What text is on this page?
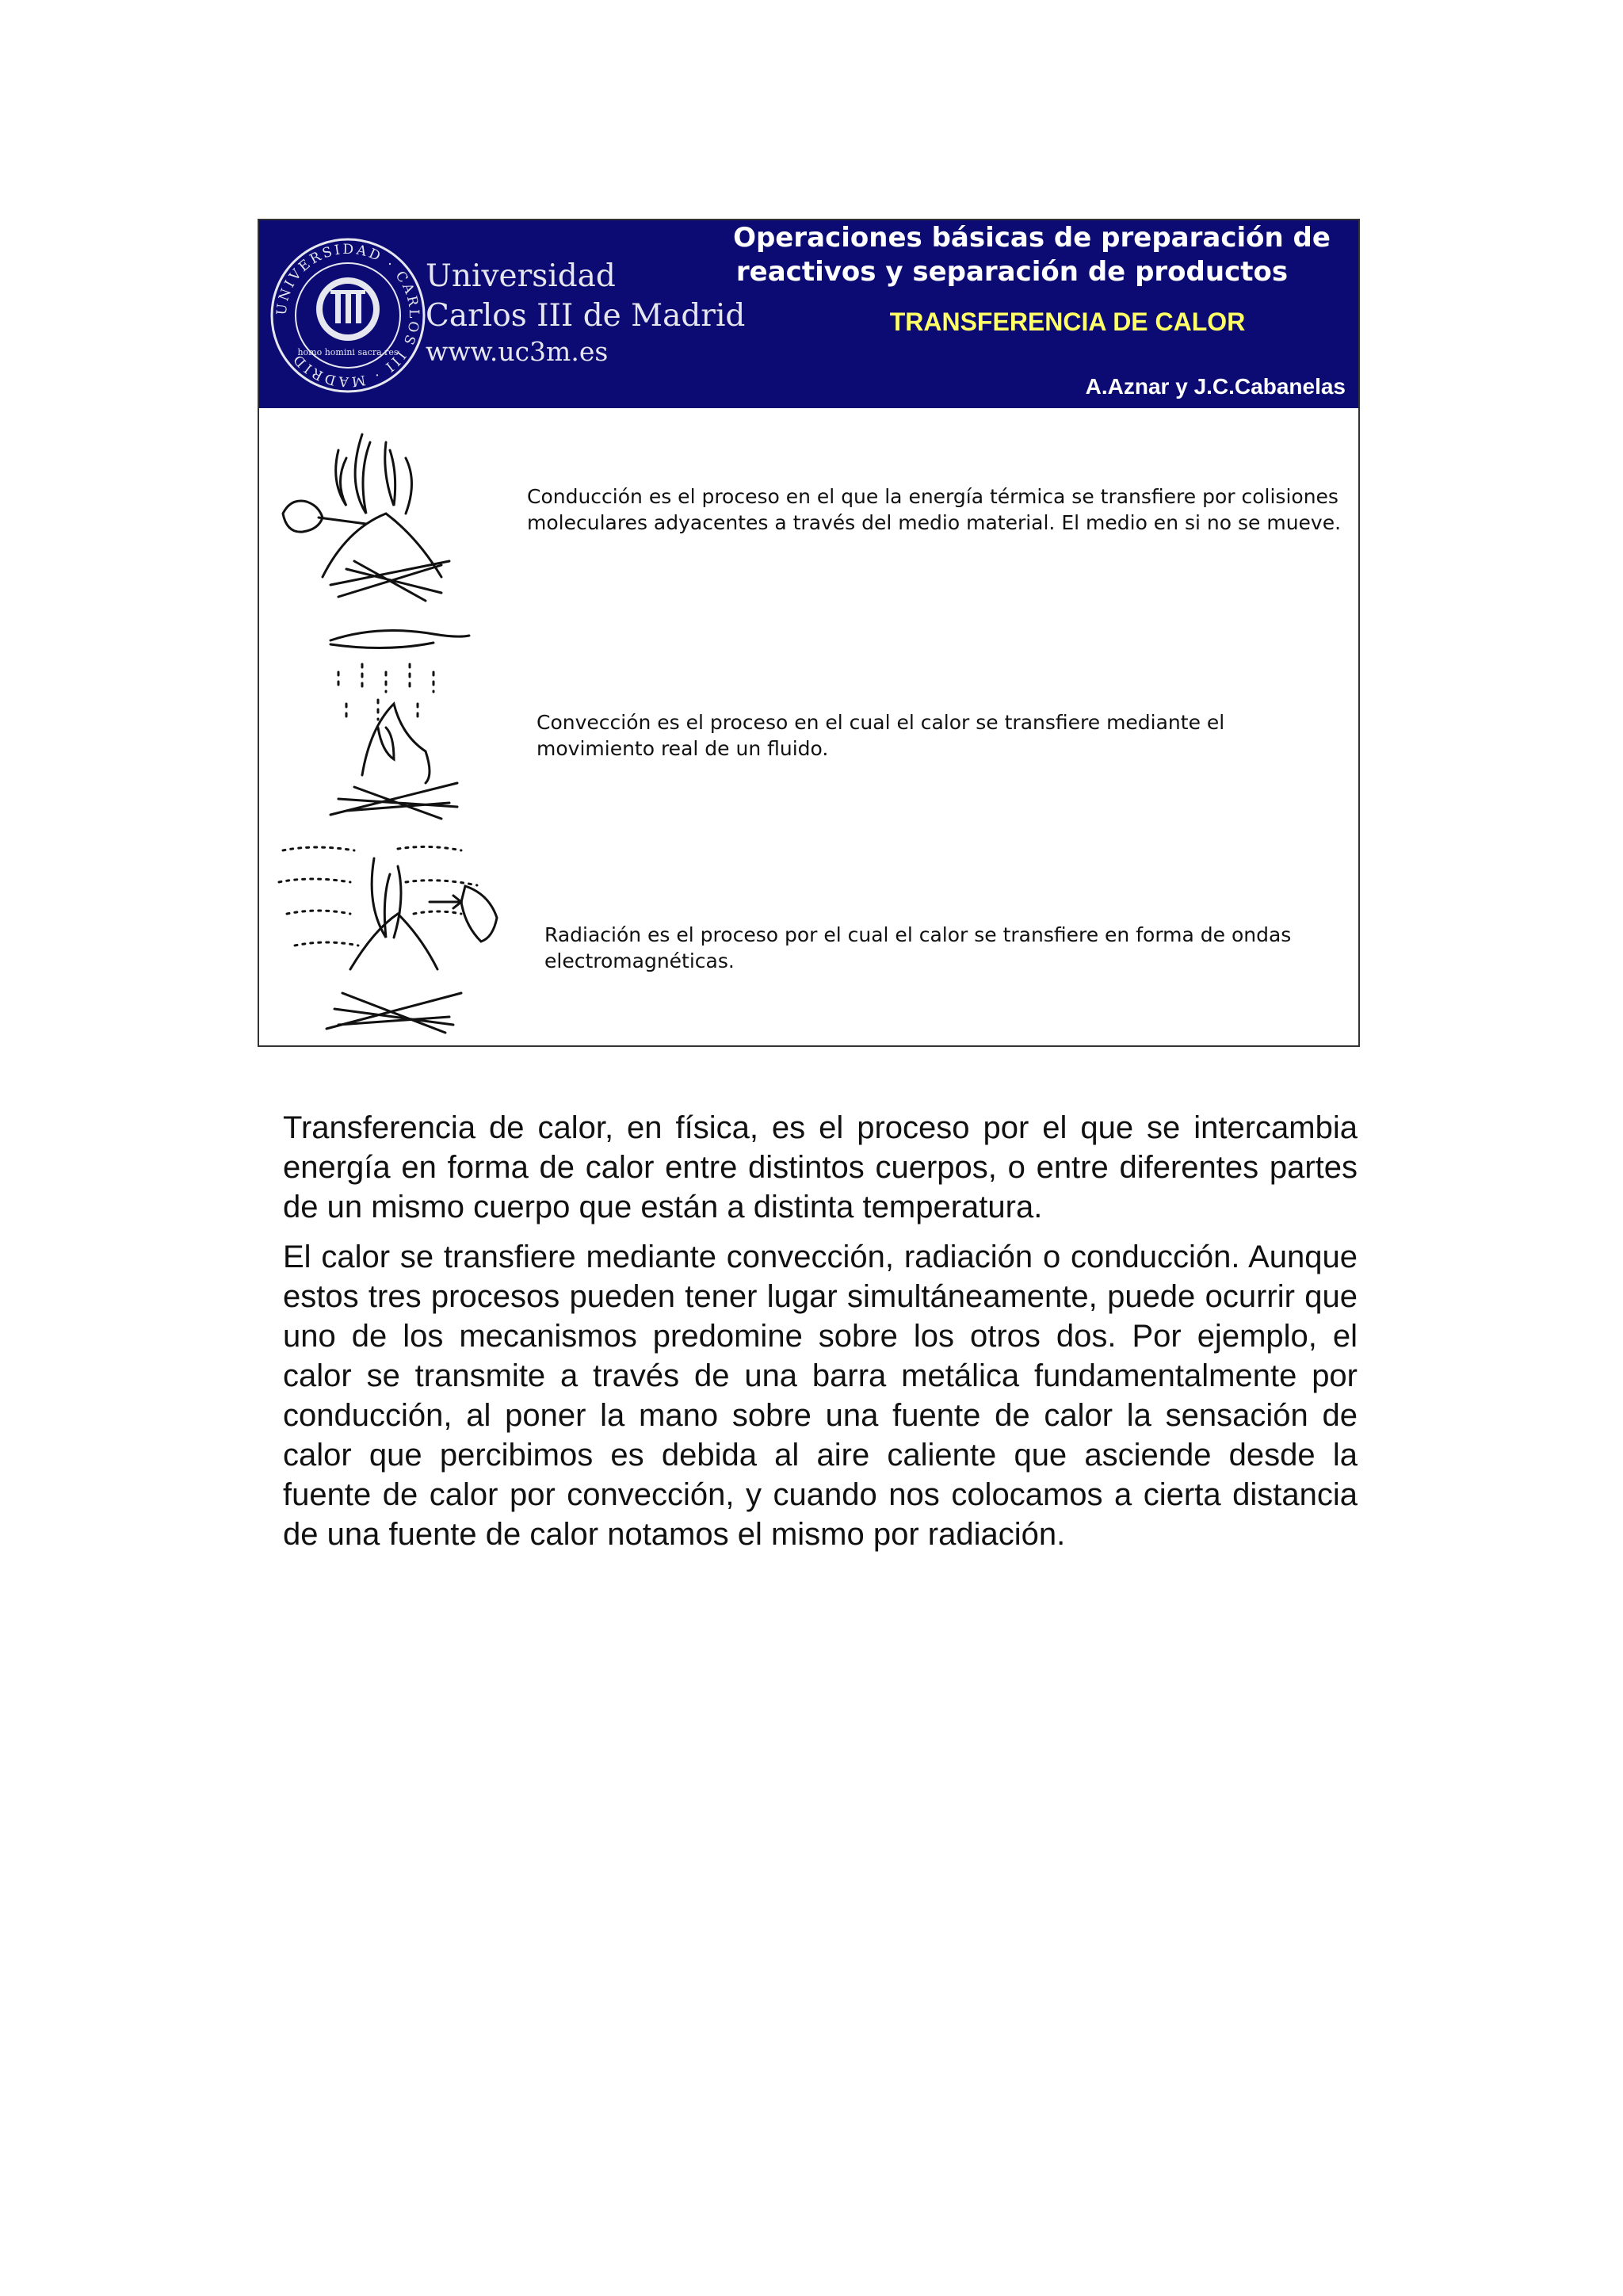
UNIVERSIDAD · CARLOS III · MADRID
homo homini sacra res
Universidad
Carlos III de Madrid
www.uc3m.es
Operaciones básicas de preparación de
reactivos y separación de productos
TRANSFERENCIA DE CALOR
A.Aznar y J.C.Cabanelas
Conducción es el proceso en el que la energía térmica se transfiere por colisiones moleculares adyacentes a través del medio material. El medio en si no se mueve.
Convección es el proceso en el cual el calor se transfiere mediante el movimiento real de un fluido.
Radiación es el proceso por el cual el calor se transfiere en forma de ondas electromagnéticas.

Transferencia de calor, en física, es el proceso por el que se intercambia energía en forma de calor entre distintos cuerpos, o entre diferentes partes de un mismo cuerpo que están a distinta temperatura.

El calor se transfiere mediante convección, radiación o conducción. Aunque estos tres procesos pueden tener lugar simultáneamente, puede ocurrir que uno de los mecanismos predomine sobre los otros dos. Por ejemplo, el calor se transmite a través de una barra metálica fundamentalmente por conducción, al poner la mano sobre una fuente de calor la sensación de calor que percibimos es debida al aire caliente que asciende desde la fuente de calor por convección, y cuando nos colocamos a cierta distancia de una fuente de calor notamos el mismo por radiación.
